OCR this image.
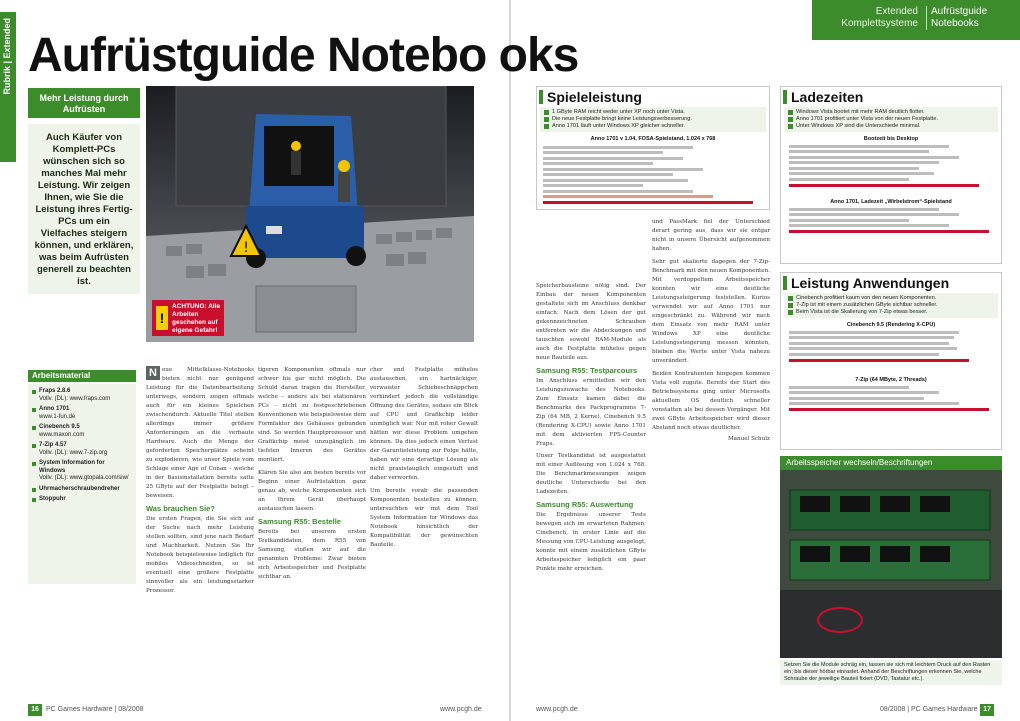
Rubrik | Extended Aufrüstguide Notebo oks
Extended Komplettsysteme
Aufrüstguide Notebooks
Mehr Leistung durch Aufrüsten
Auch Käufer von Komplett-PCs wünschen sich so manches Mal mehr Leistung. Wir zeigen Ihnen, wie Sie die Leistung ihres Fertig-PCs um ein Vielfaches steigern können, und erklären, was beim Aufrüsten generell zu beachten ist.
!
!
ACHTUNG: Alle Arbeiten geschehen auf eigene Gefahr!
Arbeitsmaterial
Fraps 2.8.6
Vollv. (DL): www.fraps.com
Anno 1701
www.1-fun.de
Cinebench 9.5
www.maxon.com
7-Zip 4.57
Vollv. (DL): www.7-zip.org
System Information for Windows
Vollv. (DL): www.gtopala.com/siw/
Uhrmacherschraubendreher
Stoppuhr
N eue Mittelklasse-Notebooks bieten nicht nur genügend Leistung für die Datenbearbeitung unterwegs, sondern zeigen oftmals auch für ein kleines Spielchen zwischendurch. Aktuelle Titel stellen allerdings immer größere Anforderungen an die verbaute Hardware. Auch die Menge der geforderten Speicherplätze scheint zu explodieren, wie unser Spiele vom Schlage einer Age of Conan – welche in der Basisinstallation bereits satte 25 GByte auf der Festplatte belegt – beweisen.
Was brauchen Sie?
Die ersten Fragen, die Sie sich auf der Suche nach mehr Leistung stellen sollten, sind jene nach Bedarf und Machbarkeit. Nutzen Sie Ihr Notebook beispielsweise lediglich für mobiles Videoschneiden, so ist eventuell eine größere Festplatte sinnvoller als ein leistungsstarker Prozessor.

tigeren Komponenten oftmals nur schwer bis gar nicht möglich. Die Schuld daran tragen die Hersteller, welche – anders als bei stationären PCs – nicht zu festgeschriebenen Konventionen wie beispielsweise dem Formfaktor des Gehäuses gebunden sind. So werden Hauptprozessor und Grafikchip meist unzugänglich im tiefsten Inneren des Gerätes montiert.

Klären Sie also am besten bereits vor Beginn einer Aufrüstaktion ganz genau ab, welche Komponenten sich an Ihrem Gerät überhaupt austauschen lassen.

Samsung R55: Bestelle

Bereits bei unserem ersten Testkandidaten, dem R55 von Samsung, stoßen wir auf die genannten Probleme: Zwar bieten sich Arbeitsspeicher und Festplatte sichtbar an.

cher und Festplatte mühelos austauschen, ein hartnäckiger, verwaister Schiebeschnäppchen verhindert jedoch die vollständige Öffnung des Gerätes, sodass ein Blick auf CPU und Grafikchip leider unmöglich war. Nur mit roher Gewalt hätten wir diese Problem umgehen können. Da dies jedoch einen Verlust der Garantieleistung zur Folge hätte, haben wir eine derartige Lösung als nicht praxistauglich eingestuft und daher verworfen.

Um bereits vorab die passenden Komponenten bestellen zu können, untersuchten wir mit dem Tool System Information for Windows das Notebook hinsichtlich der Kompatibilität der gewünschten Bauteile.

Speicherbausteine nötig sind. Der Einbau der neuen Komponenten gestaltete sich im Anschluss denkbar einfach: Nach dem Lösen der gut gekennzeichneten Schrauben entfernten wir die Abdeckungen und tauschten sowohl RAM-Module als auch die Festplatte mühelos gegen neue Bauteile aus.

Samsung R55: Testparcours

Im Anschluss ermittelten wir den Leistungszuwachs des Notebooks. Zum Einsatz kamen dabei die Benchmarks des Packprogramms 7-Zip (64 MB, 2 Kerne), Cinebench 9.5 (Rendering X-CPU) sowie Anno 1701 mit dem aktivierten FPS-Counter Fraps.

Unser Testkandidat ist ausgestattet mit einer Auflösung von 1.024 x 768. Die Benchmarkmessungen zeigen deutliche Unterschiede bei den Ladezeiten.

Samsung R55: Auswertung

Die Ergebnisse unserer Tests bewegen sich im erwarteten Rahmen: Cinebench, in erster Linie auf die Messung von CPU-Leistung ausgelegt, konnte mit einem zusätzlichen GByte Arbeitsspeicher lediglich ein paar Punkte mehr erreichen.

und PassMark fiel der Unterschied derart gering aus, dass wir sie entgar nicht in unsere Übersicht aufgenommen haben.

Sehr gut skalierte dagegen der 7-Zip-Benchmark mit den neuen Komponenten. Mit verdoppeltem Arbeitsspeicher konnten wir eine deutliche Leistungssteigerung feststellen. Kurios verwendet wir auf Anno 1701 nur eingeschränkt zu. Während wir nach dem Einsatz von mehr RAM unter Windows XP eine deutliche Leistungssteigerung messen konnten, blieben die Werte unter Vista nahezu unverändert.

Beiden Kontrahenten hingegen kommen Vista voll zugute. Bereits der Start des Betriebssystems ging unter Microsofts aktuellem OS deutlich schneller vonstatten als bei dessen Vorgänger. Mit zwei GByte Arbeitsspeicher wird dieser Abstand noch etwas deutlicher.

Manuel Schulz

Spieleleistung
1 GByte RAM reicht weder unter XP noch unter Vista.
Die neue Festplatte bringt keine Leistungsverbesserung.
Anno 1701 läuft unter Windows XP gleicher schneller.
Anno 1701 v 1.04, FOSA-Spielstand, 1.024 x 768
Ladezeiten
Windows Vista bootet mit mehr RAM deutlich flotter.
Anno 1701 profitiert unter Vista von der neuen Festplatte.
Unter Windows XP sind die Unterschiede minimal.
Bootzeit bis Desktop
Anno 1701, Ladezeit „Wirbelstrom“-Spielstand
Leistung Anwendungen
Cinebench profitiert kaum von den neuen Komponenten.
7-Zip ist mit einem zusätzlichen GByte sichtbar schneller.
Beim Vista ist die Skalierung von 7-Zip etwas besser.
Cinebench 9.5 (Rendering X-CPU)
7-Zip (64 MByte, 2 Threads)
Arbeitsspeicher wechseln/Beschriftungen
Setzen Sie die Module schräg ein, lassen sie sich mit leichtem Druck auf den Rasten ein; bis dieser hörbar einrastet. Anhand der Beschriftungen erkennen Sie, welche Schraube der jeweilige Bauteil fixiert (DVD, Tastatur etc.).
16	PC Games Hardware | 08/2008	www.pcgh.de	www.pcgh.de	08/2008 | PC Games Hardware 17
